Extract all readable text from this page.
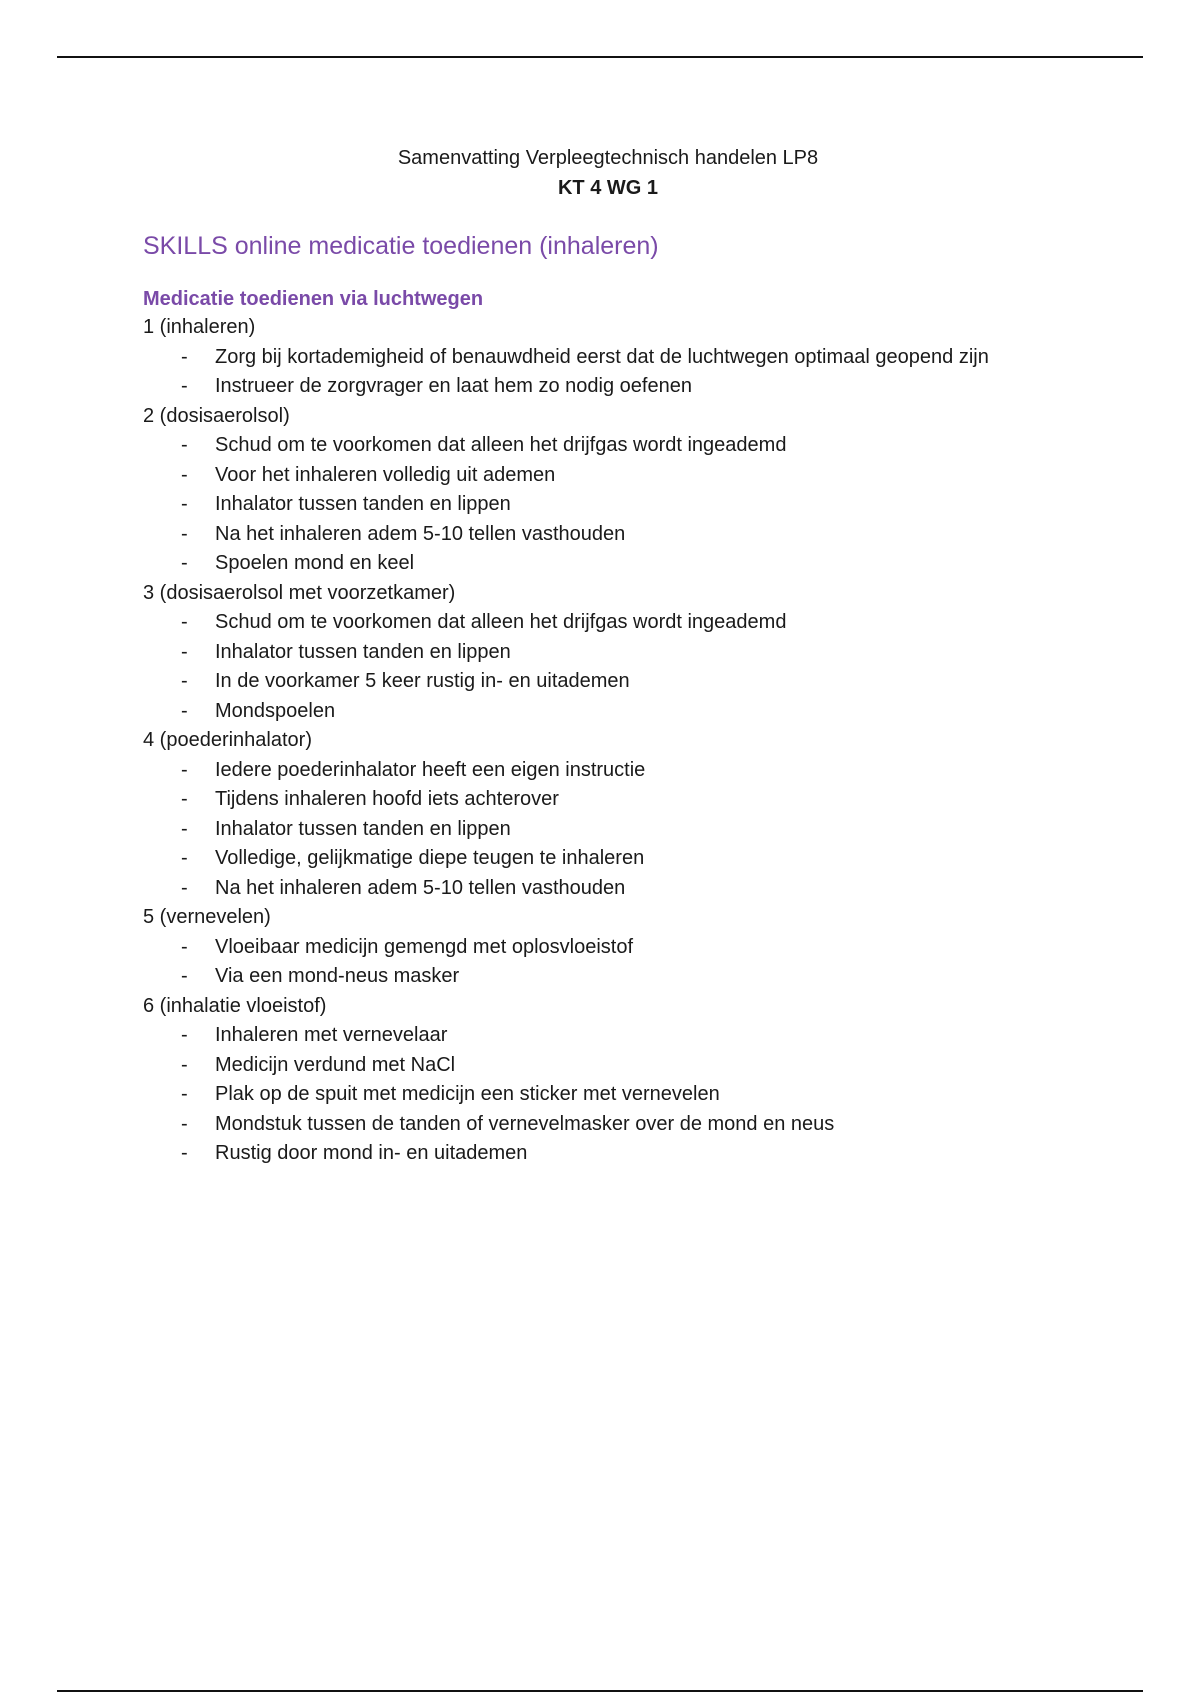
Samenvatting Verpleegtechnisch handelen LP8

KT 4 WG 1

SKILLS online medicatie toedienen (inhaleren)
Medicatie toedienen via luchtwegen

1 (inhaleren)

- Zorg bij kortademigheid of benauwdheid eerst dat de luchtwegen optimaal geopend zijn
- Instrueer de zorgvrager en laat hem zo nodig oefenen

2 (dosisaerolsol)

- Schud om te voorkomen dat alleen het drijfgas wordt ingeademd
- Voor het inhaleren volledig uit ademen
- Inhalator tussen tanden en lippen
- Na het inhaleren adem 5-10 tellen vasthouden
- Spoelen mond en keel

3 (dosisaerolsol met voorzetkamer)

- Schud om te voorkomen dat alleen het drijfgas wordt ingeademd
- Inhalator tussen tanden en lippen
- In de voorkamer 5 keer rustig in- en uitademen
- Mondspoelen

4 (poederinhalator)

- Iedere poederinhalator heeft een eigen instructie
- Tijdens inhaleren hoofd iets achterover
- Inhalator tussen tanden en lippen
- Volledige, gelijkmatige diepe teugen te inhaleren
- Na het inhaleren adem 5-10 tellen vasthouden

5 (vernevelen)

- Vloeibaar medicijn gemengd met oplosvloeistof
- Via een mond-neus masker

6 (inhalatie vloeistof)

- Inhaleren met vernevelaar
- Medicijn verdund met NaCl
- Plak op de spuit met medicijn een sticker met vernevelen
- Mondstuk tussen de tanden of vernevelmasker over de mond en neus
- Rustig door mond in- en uitademen
